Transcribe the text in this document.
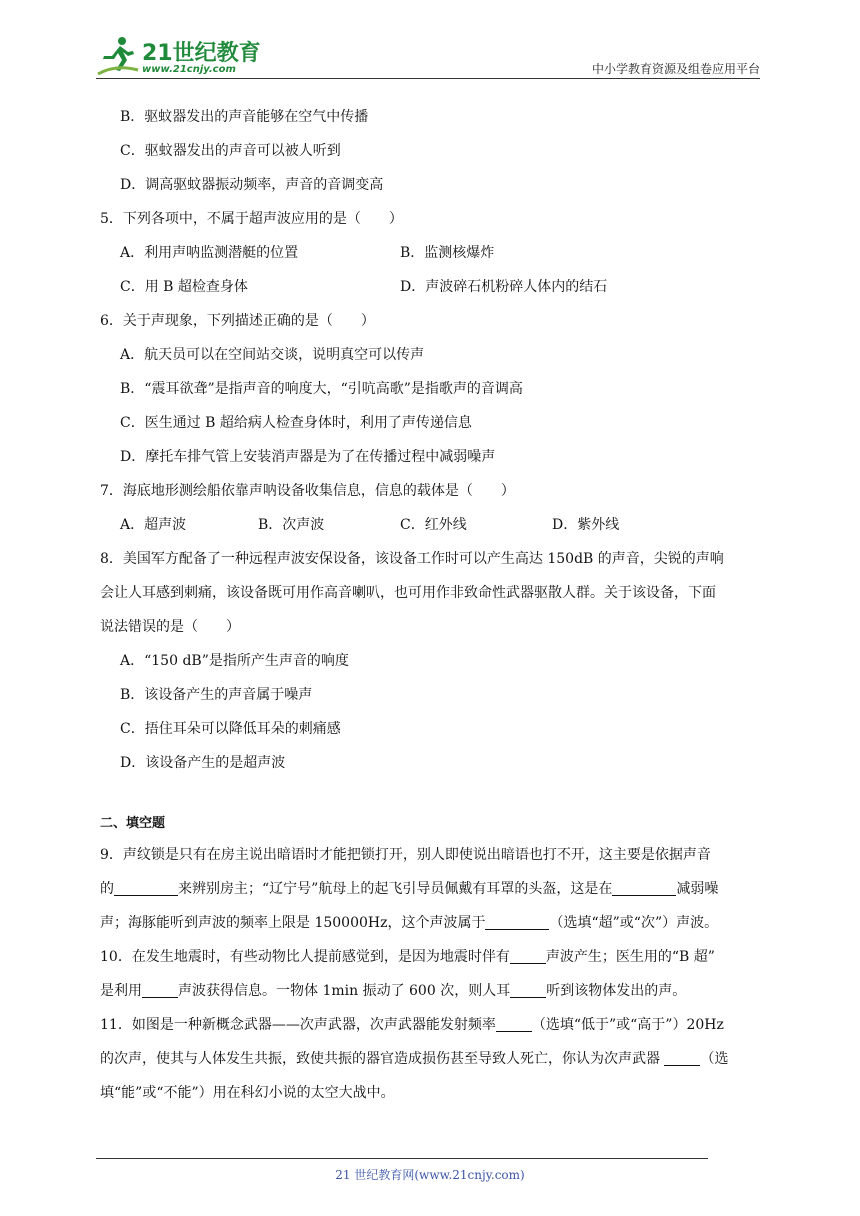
21世纪教育
www.21cnjy.com	中小学教育资源及组卷应用平台
B．驱蚊器发出的声音能够在空气中传播
C．驱蚊器发出的声音可以被人听到
D．调高驱蚊器振动频率，声音的音调变高
5．下列各项中，不属于超声波应用的是（　　）
A．利用声呐监测潜艇的位置	B．监测核爆炸
C．用 B 超检查身体	D．声波碎石机粉碎人体内的结石
6．关于声现象，下列描述正确的是（　　）
A．航天员可以在空间站交谈，说明真空可以传声
B．“震耳欲聋”是指声音的响度大，“引吭高歌”是指歌声的音调高
C．医生通过 B 超给病人检查身体时，利用了声传递信息
D．摩托车排气管上安装消声器是为了在传播过程中减弱噪声
7．海底地形测绘船依靠声呐设备收集信息，信息的载体是（　　）
A．超声波	B．次声波	C．红外线	D．紫外线
8．美国军方配备了一种远程声波安保设备，该设备工作时可以产生高达 150dB 的声音，尖锐的声响
会让人耳感到刺痛，该设备既可用作高音喇叭，也可用作非致命性武器驱散人群。关于该设备，下面
说法错误的是（　　）
A．“150 dB”是指所产生声音的响度
B．该设备产生的声音属于噪声
C．捂住耳朵可以降低耳朵的刺痛感
D．该设备产生的是超声波
二、填空题
9．声纹锁是只有在房主说出暗语时才能把锁打开，别人即使说出暗语也打不开，这主要是依据声音
的	来辨别房主；“辽宁号”航母上的起飞引导员佩戴有耳罩的头盔，这是在	减弱噪
声；海豚能听到声波的频率上限是 150000Hz，这个声波属于	（选填“超”或“次”）声波。
10．在发生地震时，有些动物比人提前感觉到，是因为地震时伴有	声波产生；医生用的“B 超”
是利用	声波获得信息。一物体 1min 振动了 600 次，则人耳	听到该物体发出的声。
11．如图是一种新概念武器——次声武器，次声武器能发射频率	（选填“低于”或“高于”）20Hz
的次声，使其与人体发生共振，致使共振的器官造成损伤甚至导致人死亡，你认为次声武器	（选
填“能”或“不能”）用在科幻小说的太空大战中。
21 世纪教育网(www.21cnjy.com)
